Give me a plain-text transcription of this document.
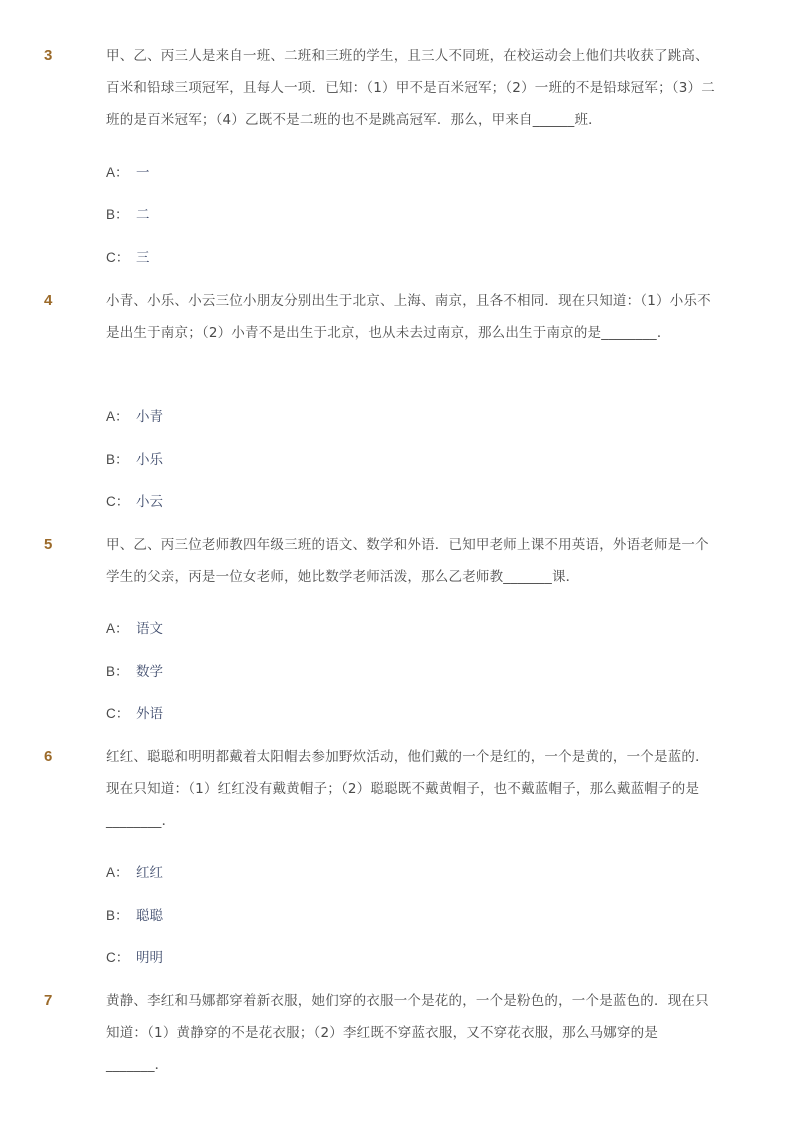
3	甲、乙、丙三人是来自一班、二班和三班的学生，且三人不同班，在校运动会上他们共收获了跳高、百米和铅球三项冠军，且每人一项．已知：（1）甲不是百米冠军；（2）一班的不是铅球冠军；（3）二班的是百米冠军；（4）乙既不是二班的也不是跳高冠军．那么，甲来自______班．
A： 一
B： 二
C： 三
4	小青、小乐、小云三位小朋友分别出生于北京、上海、南京，且各不相同．现在只知道：（1）小乐不是出生于南京；（2）小青不是出生于北京，也从未去过南京，那么出生于南京的是________．
A： 小青
B： 小乐
C： 小云
5	甲、乙、丙三位老师教四年级三班的语文、数学和外语．已知甲老师上课不用英语，外语老师是一个学生的父亲，丙是一位女老师，她比数学老师活泼，那么乙老师教_______课．
A： 语文
B： 数学
C： 外语
6	红红、聪聪和明明都戴着太阳帽去参加野炊活动，他们戴的一个是红的，一个是黄的，一个是蓝的．现在只知道：（1）红红没有戴黄帽子；（2）聪聪既不戴黄帽子，也不戴蓝帽子，那么戴蓝帽子的是________．
A： 红红
B： 聪聪
C： 明明
7	黄静、李红和马娜都穿着新衣服，她们穿的衣服一个是花的，一个是粉色的，一个是蓝色的．现在只知道：（1）黄静穿的不是花衣服；（2）李红既不穿蓝衣服，又不穿花衣服，那么马娜穿的是_______．
